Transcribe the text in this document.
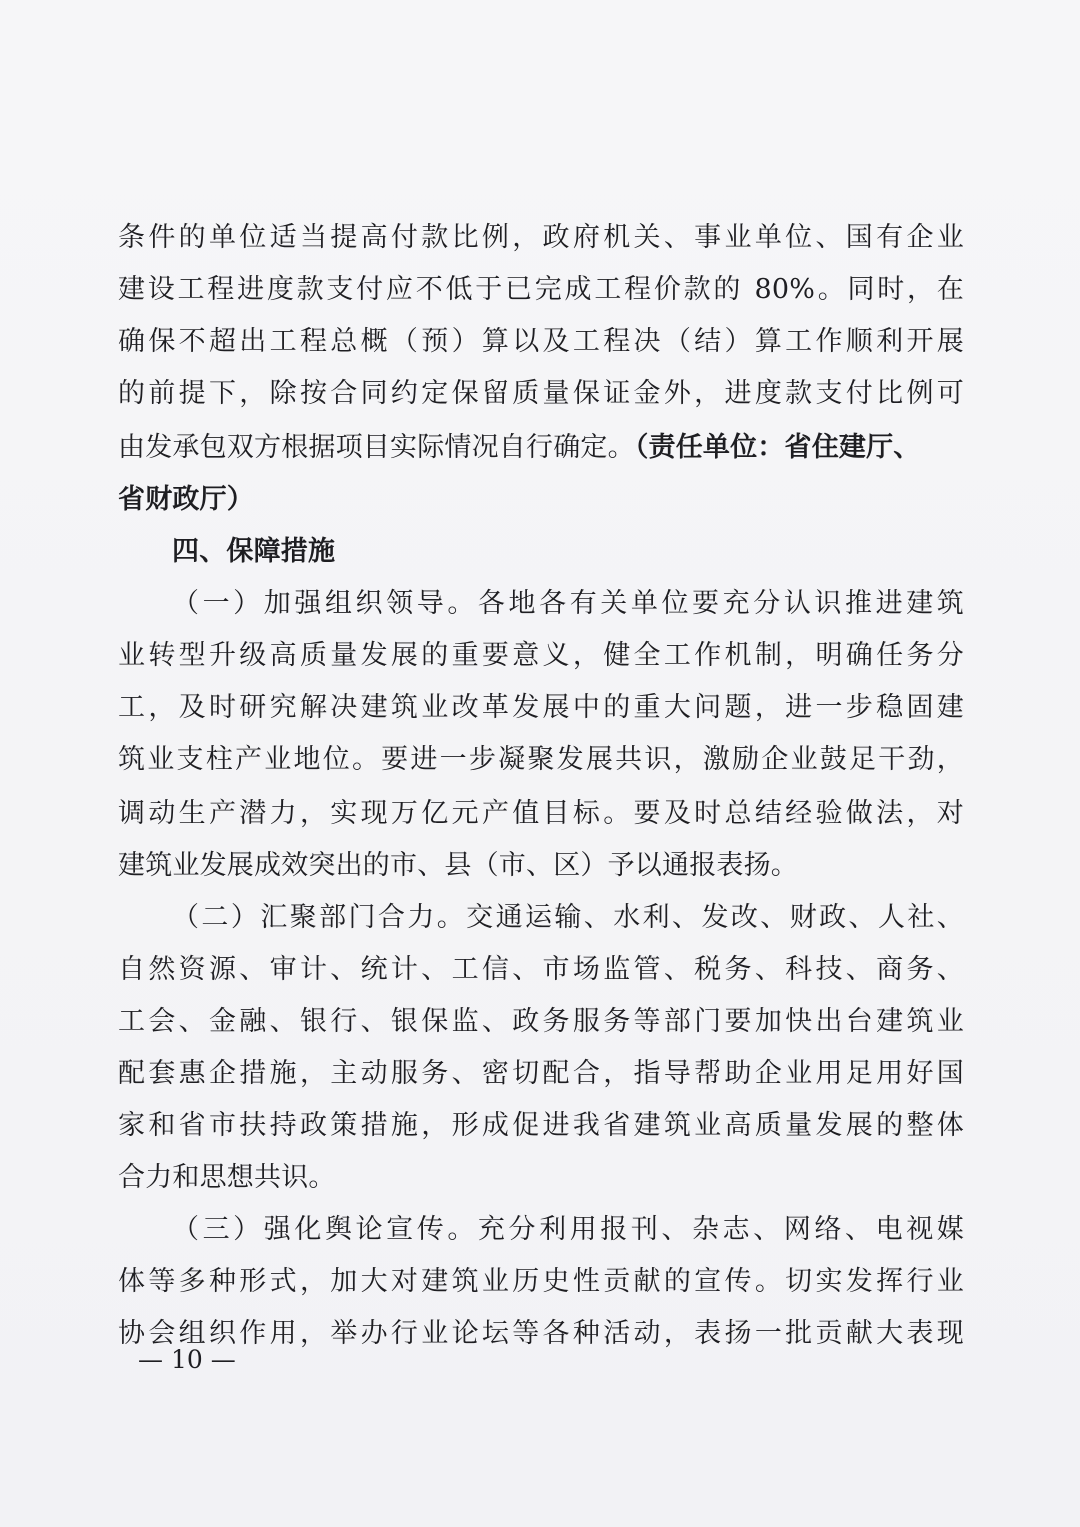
条件的单位适当提高付款比例，政府机关、事业单位、国有企业
建设工程进度款支付应不低于已完成工程价款的 80%。同时，在
确保不超出工程总概（预）算以及工程决（结）算工作顺利开展
的前提下，除按合同约定保留质量保证金外，进度款支付比例可
由发承包双方根据项目实际情况自行确定。（责任单位：省住建厅、
省财政厅）
四、保障措施
（一）加强组织领导。各地各有关单位要充分认识推进建筑
业转型升级高质量发展的重要意义，健全工作机制，明确任务分
工，及时研究解决建筑业改革发展中的重大问题，进一步稳固建
筑业支柱产业地位。要进一步凝聚发展共识，激励企业鼓足干劲，
调动生产潜力，实现万亿元产值目标。要及时总结经验做法，对
建筑业发展成效突出的市、县（市、区）予以通报表扬。
（二）汇聚部门合力。交通运输、水利、发改、财政、人社、
自然资源、审计、统计、工信、市场监管、税务、科技、商务、
工会、金融、银行、银保监、政务服务等部门要加快出台建筑业
配套惠企措施，主动服务、密切配合，指导帮助企业用足用好国
家和省市扶持政策措施，形成促进我省建筑业高质量发展的整体
合力和思想共识。
（三）强化舆论宣传。充分利用报刊、杂志、网络、电视媒
体等多种形式，加大对建筑业历史性贡献的宣传。切实发挥行业
协会组织作用，举办行业论坛等各种活动，表扬一批贡献大表现
— 10 —
